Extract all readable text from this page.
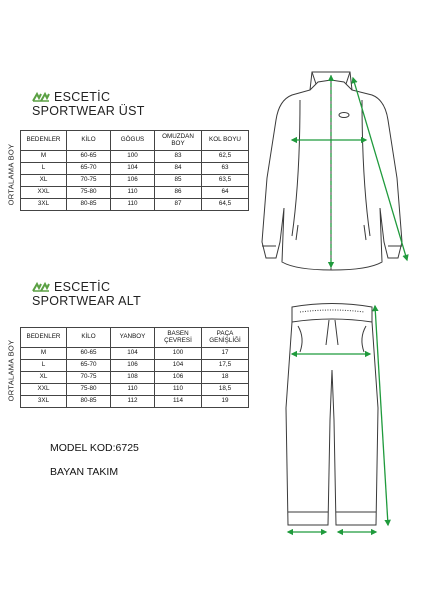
ESCETİC
SPORTWEAR ÜST
ORTALAMA BOY
BEDENLER	KİLO	GÖGUS	OMUZDAN BOY	KOL BOYU
M	60-65	100	83	62,5
L	65-70	104	84	63
XL	70-75	106	85	63,5
XXL	75-80	110	86	64
3XL	80-85	110	87	64,5
ESCETİC
SPORTWEAR ALT
ORTALAMA BOY
BEDENLER	KİLO	YANBOY	BASEN ÇEVRESİ	PAÇA GENİŞLİĞİ
M	60-65	104	100	17
L	65-70	106	104	17,5
XL	70-75	108	106	18
XXL	75-80	110	110	18,5
3XL	80-85	112	114	19
MODEL KOD:6725
BAYAN TAKIM
